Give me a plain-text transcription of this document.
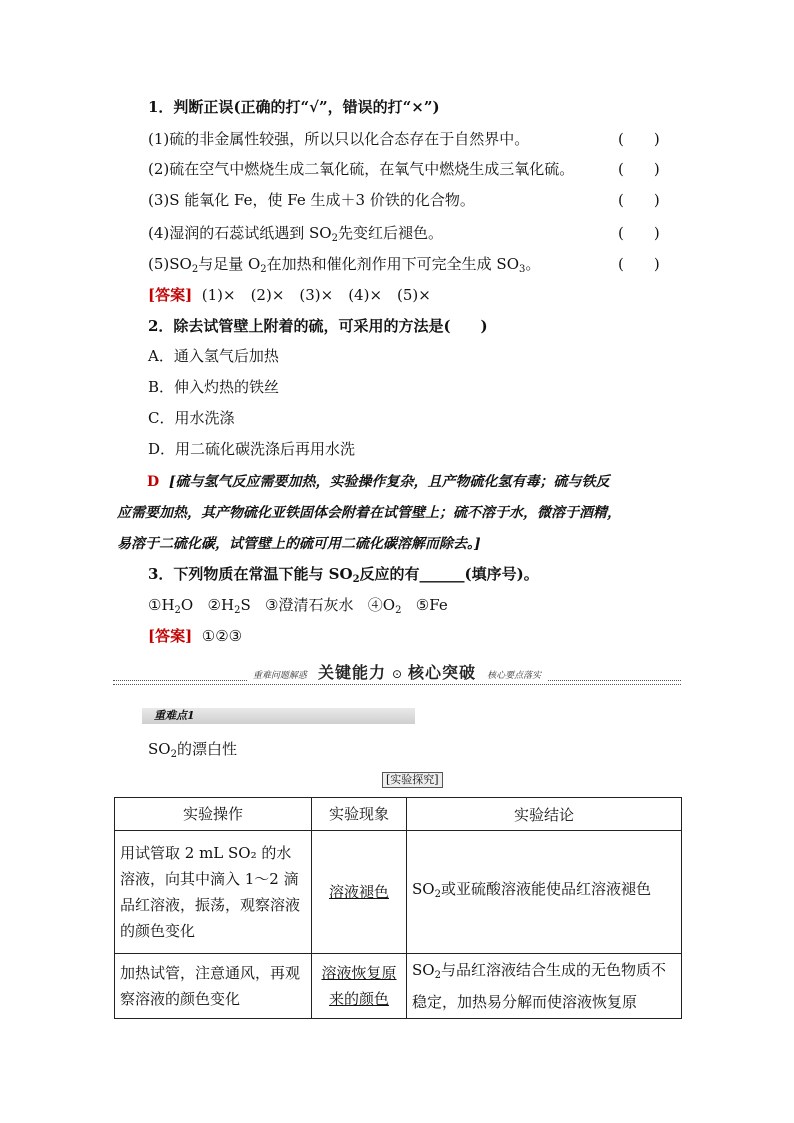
1．判断正误(正确的打“√”，错误的打“×”)
(1)硫的非金属性较强，所以只以化合态存在于自然界中。	(　　)
(2)硫在空气中燃烧生成二氧化硫，在氧气中燃烧生成三氧化硫。	(　　)
(3)S 能氧化 Fe，使 Fe 生成＋3 价铁的化合物。	(　　)
(4)湿润的石蕊试纸遇到 $SO_2$先变红后褪色。	(　　)
$(5)SO_2$与足量 $O_2$在加热和催化剂作用下可完全生成 $SO_3$。	(　　)
[答案] (1)×　(2)×　(3)×　(4)×　(5)×
2．除去试管壁上附着的硫，可采用的方法是(　　)
A．通入氢气后加热
B．伸入灼热的铁丝
C．用水洗涤
D．用二硫化碳洗涤后再用水洗
D [硫与氢气反应需要加热，实验操作复杂，且产物硫化氢有毒；硫与铁反
应需要加热，其产物硫化亚铁固体会附着在试管壁上；硫不溶于水，微溶于酒精，
易溶于二硫化碳，试管壁上的硫可用二硫化碳溶解而除去。]
3．下列物质在常温下能与 $SO_2$反应的有______(填序号)。
$①H_2O$ $②H_2S$ ③澄清石灰水 $④O_2$ ⑤Fe
[答案] ①②③
重难问题解惑 关键能力 ⊙ 核心突破 核心要点落实
重难点1
$SO_2$的漂白性
[实验探究]
实验操作	实验现象	实验结论
用试管取 2 mL SO₂ 的水溶液，向其中滴入 1～2 滴品红溶液，振荡，观察溶液的颜色变化	溶液褪色	$SO_2$或亚硫酸溶液能使品红溶液褪色
加热试管，注意通风，再观察溶液的颜色变化	溶液恢复原来的颜色	$SO_2$与品红溶液结合生成的无色物质不稳定，加热易分解而使溶液恢复原
